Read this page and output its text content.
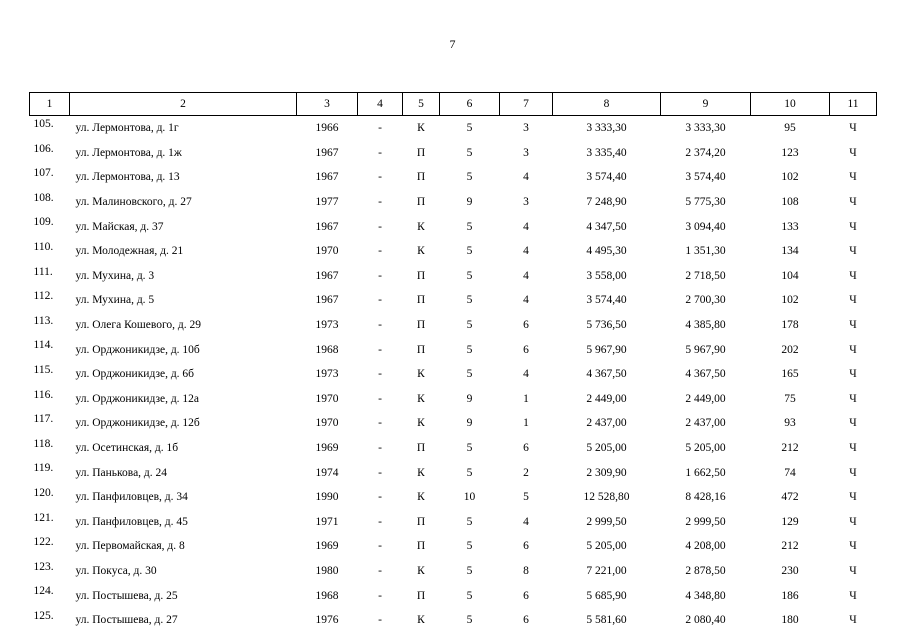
7
1	2	3	4	5	6	7	8	9	10	11
105.	ул. Лермонтова, д. 1г	1966	-	К	5	3	3 333,30	3 333,30	95	Ч
106.	ул. Лермонтова, д. 1ж	1967	-	П	5	3	3 335,40	2 374,20	123	Ч
107.	ул. Лермонтова, д. 13	1967	-	П	5	4	3 574,40	3 574,40	102	Ч
108.	ул. Малиновского, д. 27	1977	-	П	9	3	7 248,90	5 775,30	108	Ч
109.	ул. Майская, д. 37	1967	-	К	5	4	4 347,50	3 094,40	133	Ч
110.	ул. Молодежная, д. 21	1970	-	К	5	4	4 495,30	1 351,30	134	Ч
111.	ул. Мухина, д. 3	1967	-	П	5	4	3 558,00	2 718,50	104	Ч
112.	ул. Мухина, д. 5	1967	-	П	5	4	3 574,40	2 700,30	102	Ч
113.	ул. Олега Кошевого, д. 29	1973	-	П	5	6	5 736,50	4 385,80	178	Ч
114.	ул. Орджоникидзе, д. 10б	1968	-	П	5	6	5 967,90	5 967,90	202	Ч
115.	ул. Орджоникидзе, д. 6б	1973	-	К	5	4	4 367,50	4 367,50	165	Ч
116.	ул. Орджоникидзе, д. 12а	1970	-	К	9	1	2 449,00	2 449,00	75	Ч
117.	ул. Орджоникидзе, д. 12б	1970	-	К	9	1	2 437,00	2 437,00	93	Ч
118.	ул. Осетинская, д. 1б	1969	-	П	5	6	5 205,00	5 205,00	212	Ч
119.	ул. Панькова, д. 24	1974	-	К	5	2	2 309,90	1 662,50	74	Ч
120.	ул. Панфиловцев, д. 34	1990	-	К	10	5	12 528,80	8 428,16	472	Ч
121.	ул. Панфиловцев, д. 45	1971	-	П	5	4	2 999,50	2 999,50	129	Ч
122.	ул. Первомайская, д. 8	1969	-	П	5	6	5 205,00	4 208,00	212	Ч
123.	ул. Покуса, д. 30	1980	-	К	5	8	7 221,00	2 878,50	230	Ч
124.	ул. Постышева, д. 25	1968	-	П	5	6	5 685,90	4 348,80	186	Ч
125.	ул. Постышева, д. 27	1976	-	К	5	6	5 581,60	2 080,40	180	Ч
